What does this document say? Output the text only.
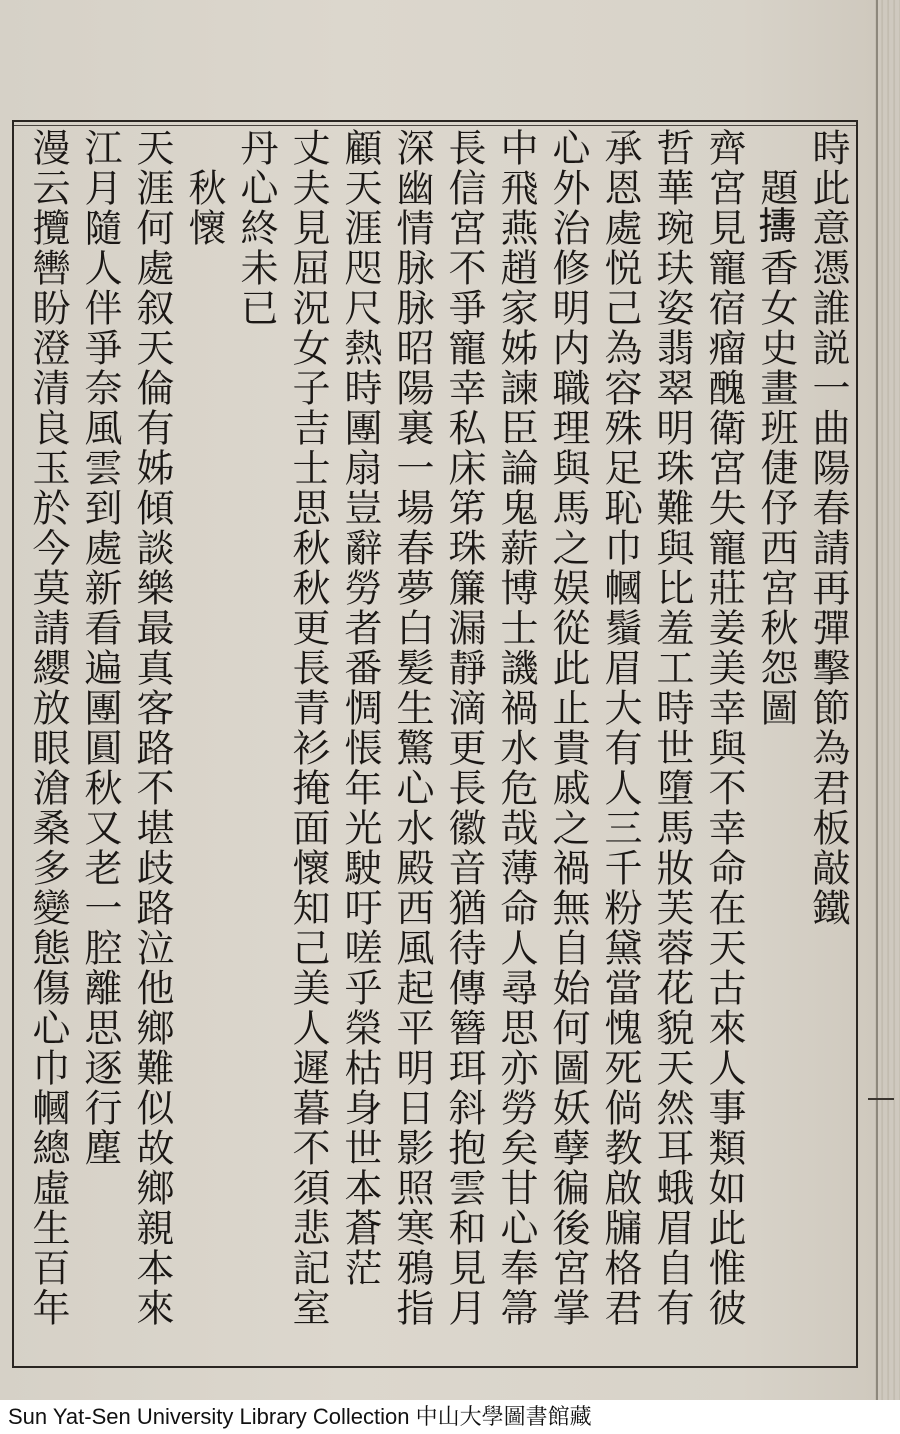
時此意憑誰説一曲陽春請再彈擊節為君板敲鐵
　題𢷬香女史畫班倢伃西宮秋怨圖
齊宮見寵宿瘤醜衛宮失寵莊姜美幸與不幸命在天古來人事類如此惟彼
哲華琬玞姿翡翠明珠難與比羞工時世墮馬妝芙蓉花貌天然耳蛾眉自有
承恩處悦己為容殊足恥巾幗鬚眉大有人三千粉黛當愧死倘教啟牖格君
心外治修明内職理與馬之娱從此止貴戚之禍無自始何圖妖孽徧後宮掌
中飛燕趙家姊諫臣論鬼薪博士譏禍水危哉薄命人尋思亦勞矣甘心奉箒
長信宮不爭寵幸私床笫珠簾漏靜滴更長徽音猶待傳簪珥斜抱雲和見月
深幽情脉脉昭陽裏一場春夢白髪生驚心水殿西風起平明日影照寒鴉指
顧天涯咫尺熱時團扇豈辭勞者番惆悵年光駛吁嗟乎榮枯身世本蒼茫
丈夫見屈況女子吉士思秋秋更長青衫掩面懷知己美人遲暮不須悲記室
丹心終未已
　秋懷
天涯何處叙天倫有姊傾談樂最真客路不堪歧路泣他鄉難似故鄉親本來
江月隨人伴爭奈風雲到處新看遍團圓秋又老一腔離思逐行塵
漫云攬轡盼澄清良玉於今莫請纓放眼滄桑多變態傷心巾幗總虛生百年
Sun Yat-Sen University Library Collection 中山大學圖書館藏
